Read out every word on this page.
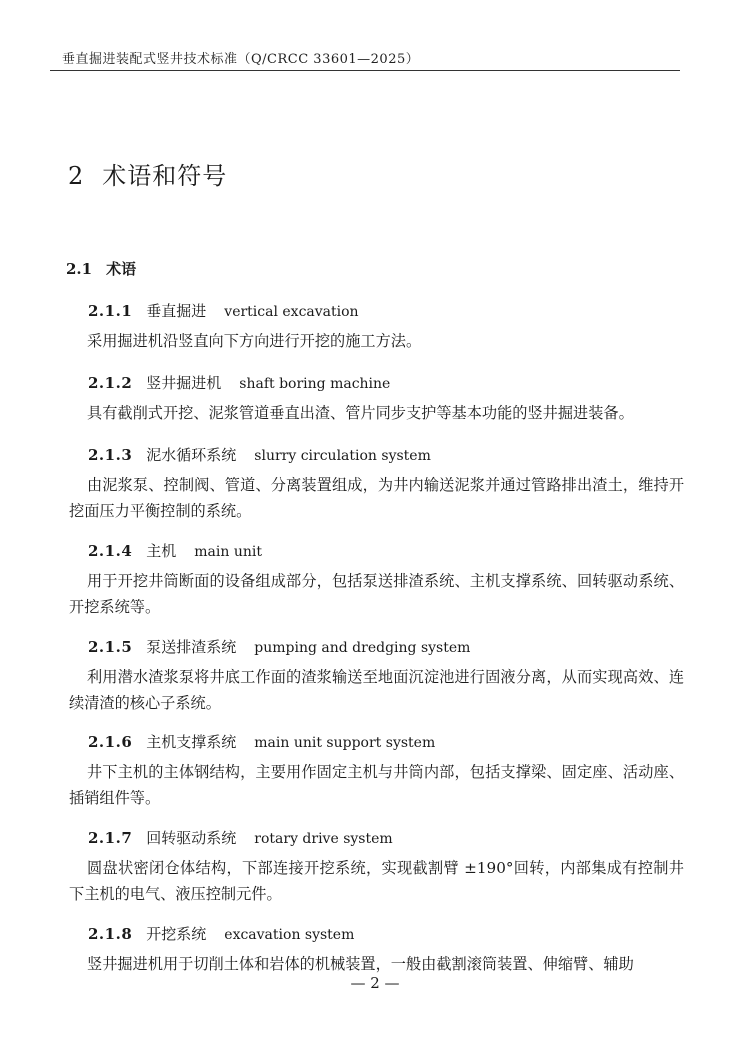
垂直掘进装配式竖井技术标准（Q/CRCC 33601—2025）
2 术语和符号
2.1 术语
2.1.1 垂直掘进 vertical excavation
采用掘进机沿竖直向下方向进行开挖的施工方法。
2.1.2 竖井掘进机 shaft boring machine
具有截削式开挖、泥浆管道垂直出渣、管片同步支护等基本功能的竖井掘进装备。
2.1.3 泥水循环系统 slurry circulation system
由泥浆泵、控制阀、管道、分离装置组成，为井内输送泥浆并通过管路排出渣土，维持开挖面压力平衡控制的系统。
2.1.4 主机 main unit
用于开挖井筒断面的设备组成部分，包括泵送排渣系统、主机支撑系统、回转驱动系统、开挖系统等。
2.1.5 泵送排渣系统 pumping and dredging system
利用潜水渣浆泵将井底工作面的渣浆输送至地面沉淀池进行固液分离，从而实现高效、连续清渣的核心子系统。
2.1.6 主机支撑系统 main unit support system
井下主机的主体钢结构，主要用作固定主机与井筒内部，包括支撑梁、固定座、活动座、插销组件等。
2.1.7 回转驱动系统 rotary drive system
圆盘状密闭仓体结构，下部连接开挖系统，实现截割臂 ±190°回转，内部集成有控制井下主机的电气、液压控制元件。
2.1.8 开挖系统 excavation system
竖井掘进机用于切削土体和岩体的机械装置，一般由截割滚筒装置、伸缩臂、辅助
— 2 —
